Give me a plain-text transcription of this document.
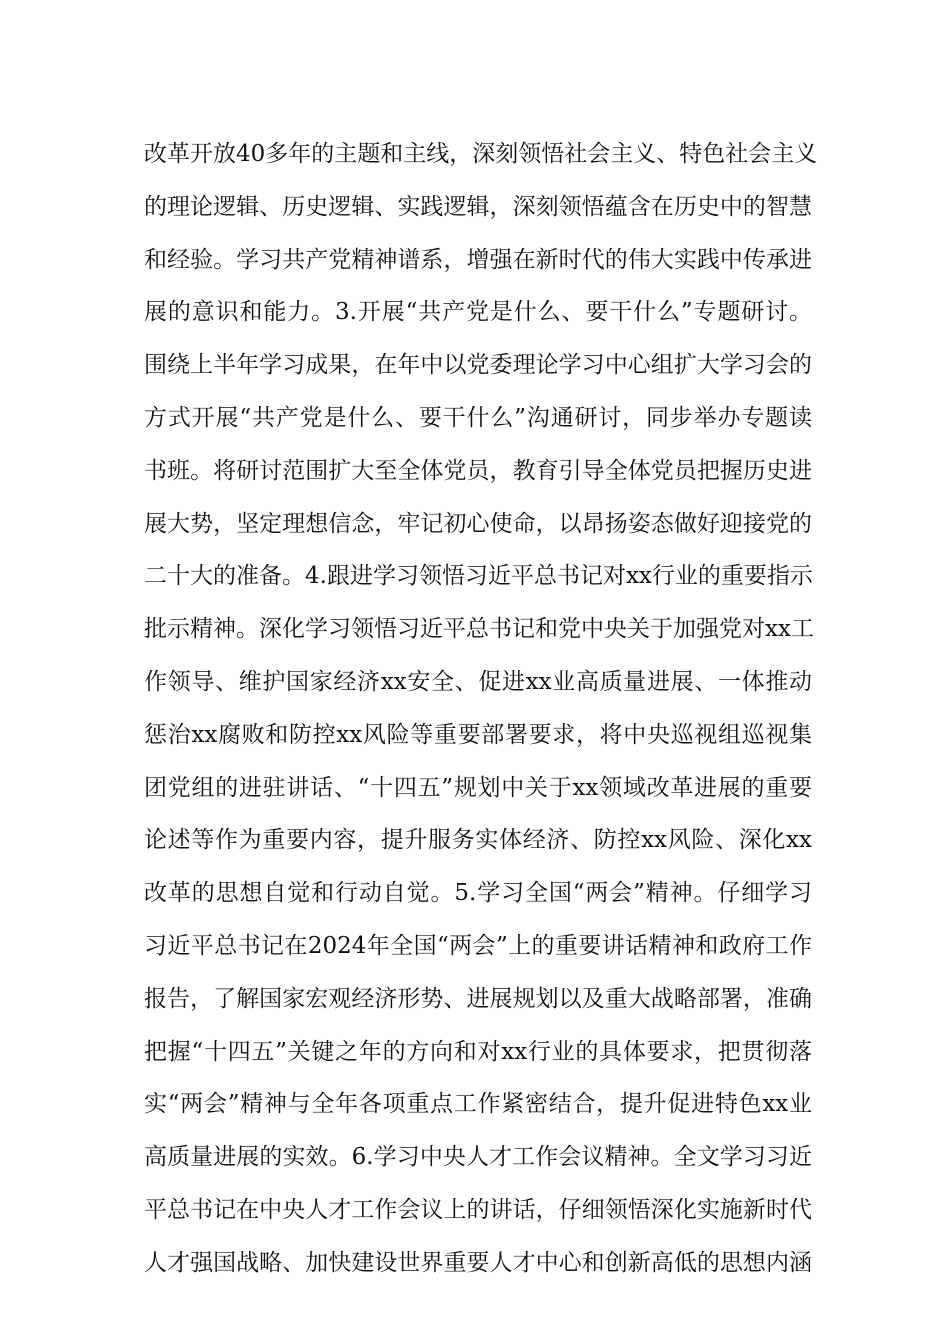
改革开放40多年的主题和主线，深刻领悟社会主义、特色社会主义
的理论逻辑、历史逻辑、实践逻辑，深刻领悟蕴含在历史中的智慧
和经验。学习共产党精神谱系，增强在新时代的伟大实践中传承进
展的意识和能力。3.开展“共产党是什么、要干什么”专题研讨。
围绕上半年学习成果，在年中以党委理论学习中心组扩大学习会的
方式开展“共产党是什么、要干什么”沟通研讨，同步举办专题读
书班。将研讨范围扩大至全体党员，教育引导全体党员把握历史进
展大势，坚定理想信念，牢记初心使命，以昂扬姿态做好迎接党的
二十大的准备。4.跟进学习领悟习近平总书记对xx行业的重要指示
批示精神。深化学习领悟习近平总书记和党中央关于加强党对xx工
作领导、维护国家经济xx安全、促进xx业高质量进展、一体推动
惩治xx腐败和防控xx风险等重要部署要求，将中央巡视组巡视集
团党组的进驻讲话、“十四五”规划中关于xx领域改革进展的重要
论述等作为重要内容，提升服务实体经济、防控xx风险、深化xx
改革的思想自觉和行动自觉。5.学习全国“两会”精神。仔细学习
习近平总书记在2024年全国“两会”上的重要讲话精神和政府工作
报告，了解国家宏观经济形势、进展规划以及重大战略部署，准确
把握“十四五”关键之年的方向和对xx行业的具体要求，把贯彻落
实“两会”精神与全年各项重点工作紧密结合，提升促进特色xx业
高质量进展的实效。6.学习中央人才工作会议精神。全文学习习近
平总书记在中央人才工作会议上的讲话，仔细领悟深化实施新时代
人才强国战略、加快建设世界重要人才中心和创新高低的思想内涵
